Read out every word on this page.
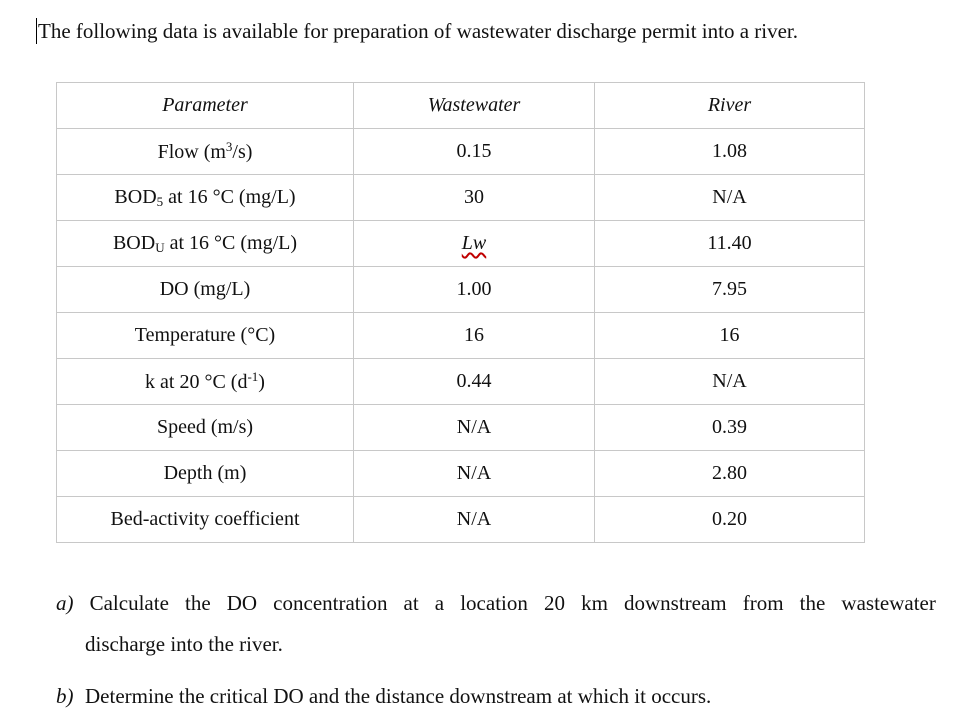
The following data is available for preparation of wastewater discharge permit into a river.
Parameter	Wastewater	River
Flow $(m^3/s)$	0.15	1.08
$BOD_5$ at 16 °C (mg/L)	30	N/A
$BOD_U$ at 16 °C (mg/L)	Lw	11.40
DO (mg/L)	1.00	7.95
Temperature (°C)	16	16
k at 20 °C $(d^{-1})$	0.44	N/A
Speed (m/s)	N/A	0.39
Depth (m)	N/A	2.80
Bed-activity coefficient	N/A	0.20
a) Calculate the DO concentration at a location 20 km downstream from the wastewater
discharge into the river.
b) Determine the critical DO and the distance downstream at which it occurs.
